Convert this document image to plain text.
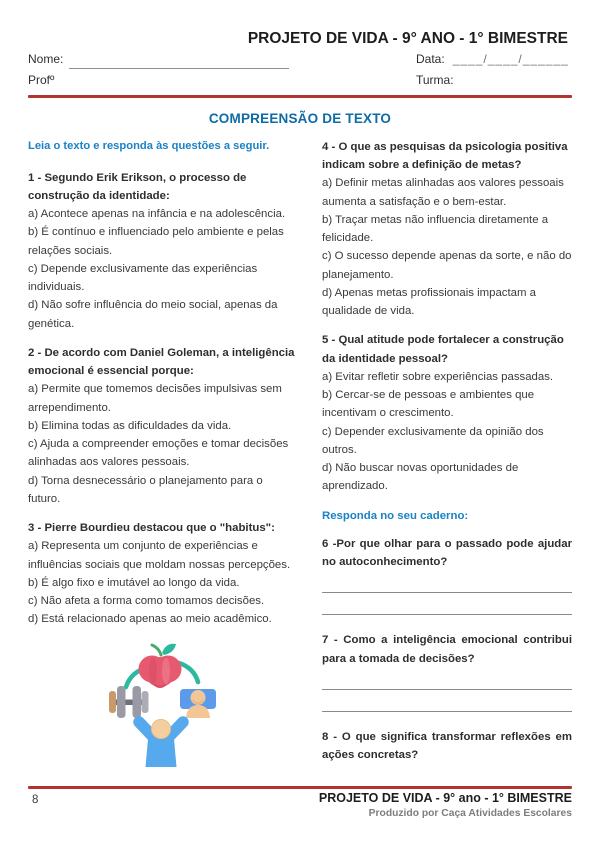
PROJETO DE VIDA - 9° ANO - 1° BIMESTRE
Nome:	Data: ____/____/______
Profº	Turma:
COMPREENSÃO DE TEXTO
Leia o texto e responda às questões a seguir.
1 - Segundo Erik Erikson, o processo de construção da identidade:
a) Acontece apenas na infância e na adolescência.
b) É contínuo e influenciado pelo ambiente e pelas relações sociais.
c) Depende exclusivamente das experiências individuais.
d) Não sofre influência do meio social, apenas da genética.
2 - De acordo com Daniel Goleman, a inteligência emocional é essencial porque:
a) Permite que tomemos decisões impulsivas sem arrependimento.
b) Elimina todas as dificuldades da vida.
c) Ajuda a compreender emoções e tomar decisões alinhadas aos valores pessoais.
d) Torna desnecessário o planejamento para o futuro.
3 - Pierre Bourdieu destacou que o "habitus":
a) Representa um conjunto de experiências e influências sociais que moldam nossas percepções.
b) É algo fixo e imutável ao longo da vida.
c) Não afeta a forma como tomamos decisões.
d) Está relacionado apenas ao meio acadêmico.
4 - O que as pesquisas da psicologia positiva indicam sobre a definição de metas?
a) Definir metas alinhadas aos valores pessoais aumenta a satisfação e o bem-estar.
b) Traçar metas não influencia diretamente a felicidade.
c) O sucesso depende apenas da sorte, e não do planejamento.
d) Apenas metas profissionais impactam a qualidade de vida.
5 - Qual atitude pode fortalecer a construção da identidade pessoal?
a) Evitar refletir sobre experiências passadas.
b) Cercar-se de pessoas e ambientes que incentivam o crescimento.
c) Depender exclusivamente da opinião dos outros.
d) Não buscar novas oportunidades de aprendizado.
Responda no seu caderno:
6 -Por que olhar para o passado pode ajudar no autoconhecimento?
7 - Como a inteligência emocional contribui para a tomada de decisões?
8 - O que significa transformar reflexões em ações concretas?
8	PROJETO DE VIDA - 9° ano - 1° BIMESTRE
Produzido por Caça Atividades Escolares
